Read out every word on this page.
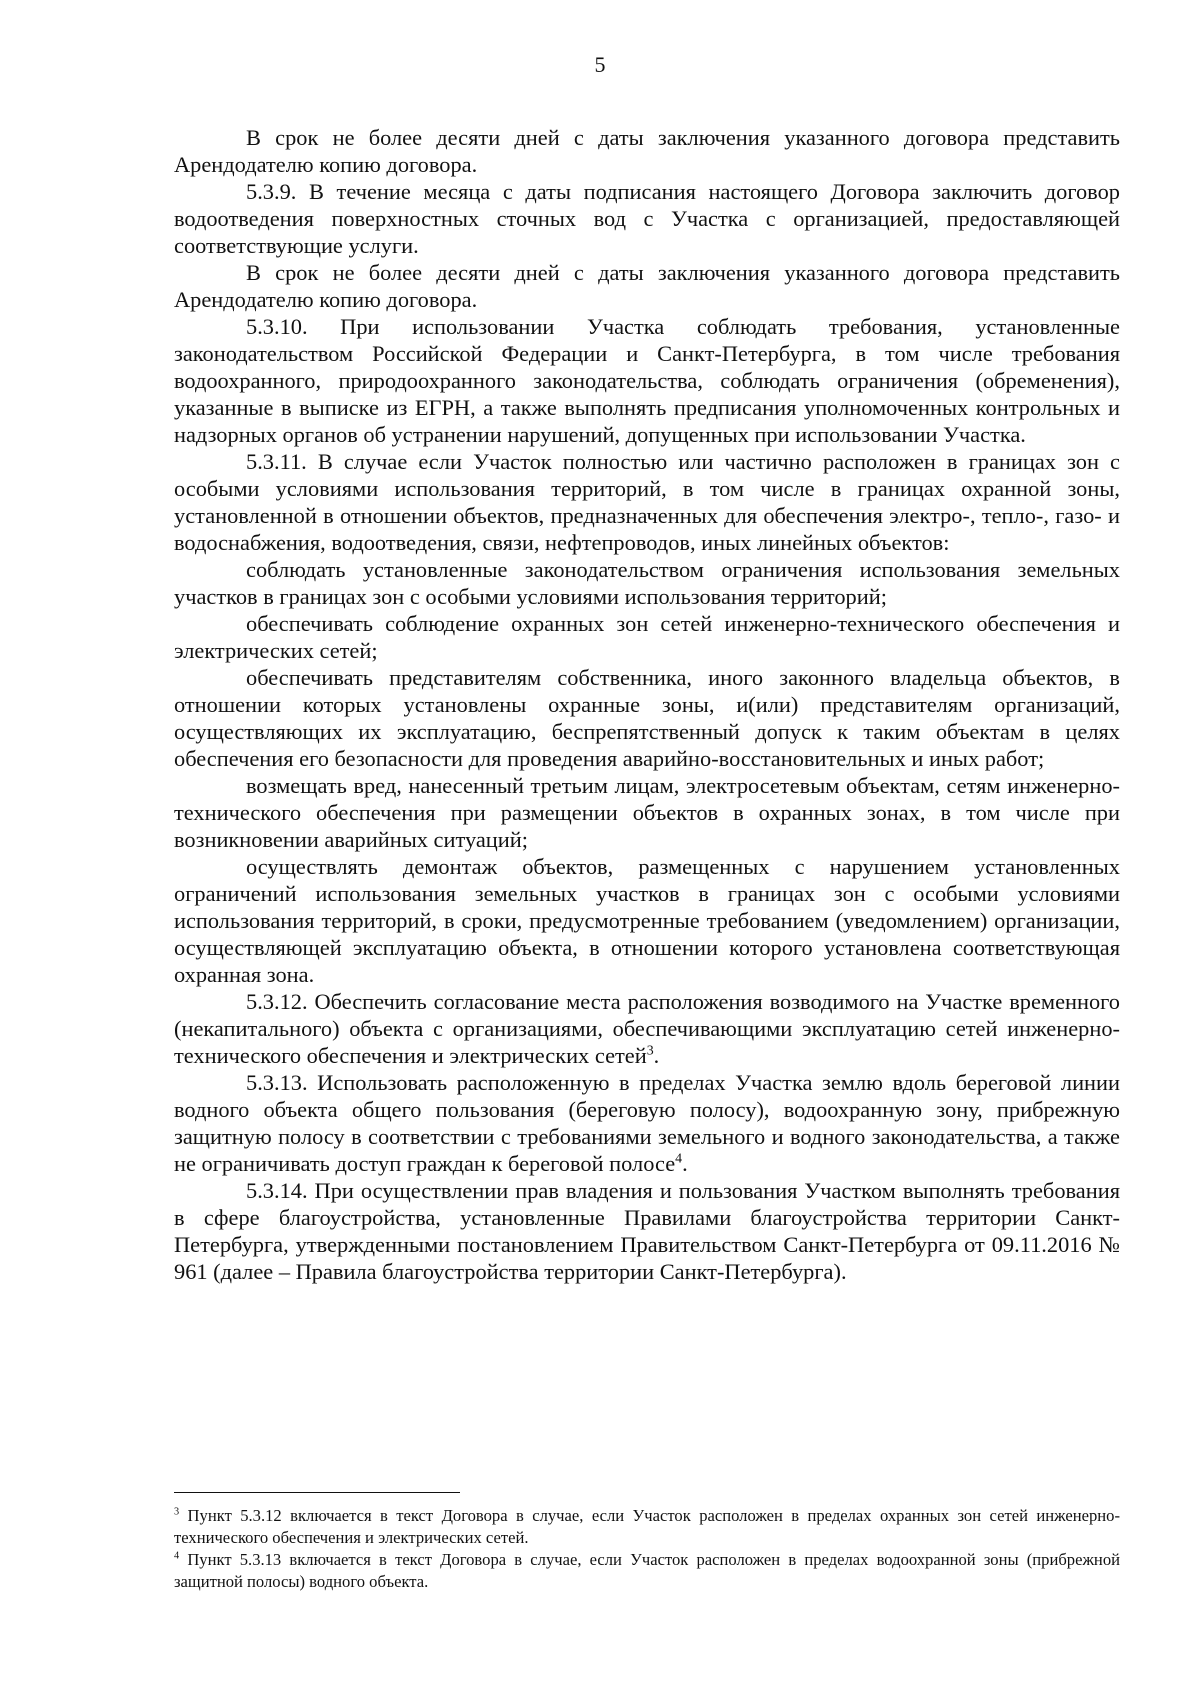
5

В срок не более десяти дней с даты заключения указанного договора представить Арендодателю копию договора.

5.3.9. В течение месяца с даты подписания настоящего Договора заключить договор водоотведения поверхностных сточных вод с Участка с организацией, предоставляющей соответствующие услуги.

В срок не более десяти дней с даты заключения указанного договора представить Арендодателю копию договора.

5.3.10. При использовании Участка соблюдать требования, установленные законодательством Российской Федерации и Санкт-Петербурга, в том числе требования водоохранного, природоохранного законодательства, соблюдать ограничения (обременения), указанные в выписке из ЕГРН, а также выполнять предписания уполномоченных контрольных и надзорных органов об устранении нарушений, допущенных при использовании Участка.

5.3.11. В случае если Участок полностью или частично расположен в границах зон с особыми условиями использования территорий, в том числе в границах охранной зоны, установленной в отношении объектов, предназначенных для обеспечения электро-, тепло-, газо- и водоснабжения, водоотведения, связи, нефтепроводов, иных линейных объектов:

соблюдать установленные законодательством ограничения использования земельных участков в границах зон с особыми условиями использования территорий;

обеспечивать соблюдение охранных зон сетей инженерно-технического обеспечения и электрических сетей;

обеспечивать представителям собственника, иного законного владельца объектов, в отношении которых установлены охранные зоны, и(или) представителям организаций, осуществляющих их эксплуатацию, беспрепятственный допуск к таким объектам в целях обеспечения его безопасности для проведения аварийно-восстановительных и иных работ;

возмещать вред, нанесенный третьим лицам, электросетевым объектам, сетям инженерно-технического обеспечения при размещении объектов в охранных зонах, в том числе при возникновении аварийных ситуаций;

осуществлять демонтаж объектов, размещенных с нарушением установленных ограничений использования земельных участков в границах зон с особыми условиями использования территорий, в сроки, предусмотренные требованием (уведомлением) организации, осуществляющей эксплуатацию объекта, в отношении которого установлена соответствующая охранная зона.

5.3.12. Обеспечить согласование места расположения возводимого на Участке временного (некапитального) объекта с организациями, обеспечивающими эксплуатацию сетей инженерно-технического обеспечения и электрических сетей$^3$.

5.3.13. Использовать расположенную в пределах Участка землю вдоль береговой линии водного объекта общего пользования (береговую полосу), водоохранную зону, прибрежную защитную полосу в соответствии с требованиями земельного и водного законодательства, а также не ограничивать доступ граждан к береговой полосе$^4$.

5.3.14. При осуществлении прав владения и пользования Участком выполнять требования в сфере благоустройства, установленные Правилами благоустройства территории Санкт-Петербурга, утвержденными постановлением Правительством Санкт-Петербурга от 09.11.2016 № 961 (далее – Правила благоустройства территории Санкт-Петербурга).

$^3$ Пункт 5.3.12 включается в текст Договора в случае, если Участок расположен в пределах охранных зон сетей инженерно-технического обеспечения и электрических сетей.

$^4$ Пункт 5.3.13 включается в текст Договора в случае, если Участок расположен в пределах водоохранной зоны (прибрежной защитной полосы) водного объекта.
